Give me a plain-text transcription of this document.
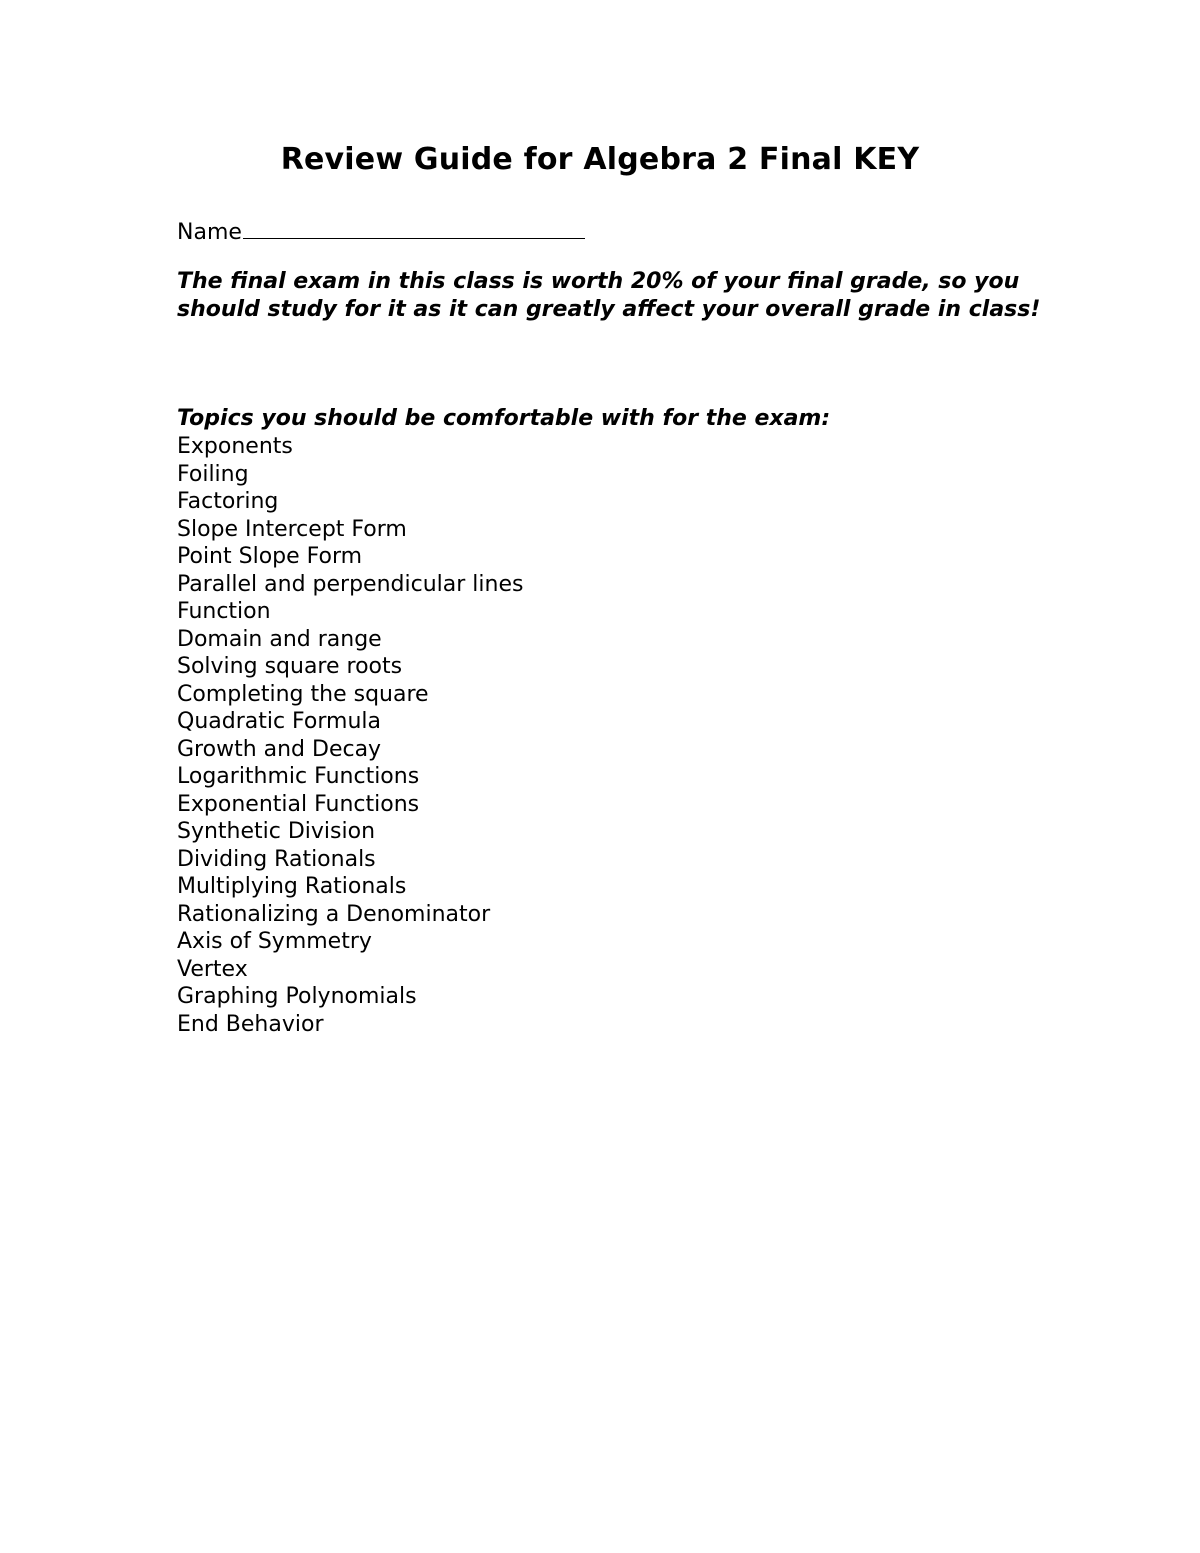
Review Guide for Algebra 2 Final KEY
Name
The final exam in this class is worth 20% of your final grade, so you should study for it as it can greatly affect your overall grade in class!
Topics you should be comfortable with for the exam:
Exponents
Foiling
Factoring
Slope Intercept Form
Point Slope Form
Parallel and perpendicular lines
Function
Domain and range
Solving square roots
Completing the square
Quadratic Formula
Growth and Decay
Logarithmic Functions
Exponential Functions
Synthetic Division
Dividing Rationals
Multiplying Rationals
Rationalizing a Denominator
Axis of Symmetry
Vertex
Graphing Polynomials
End Behavior
